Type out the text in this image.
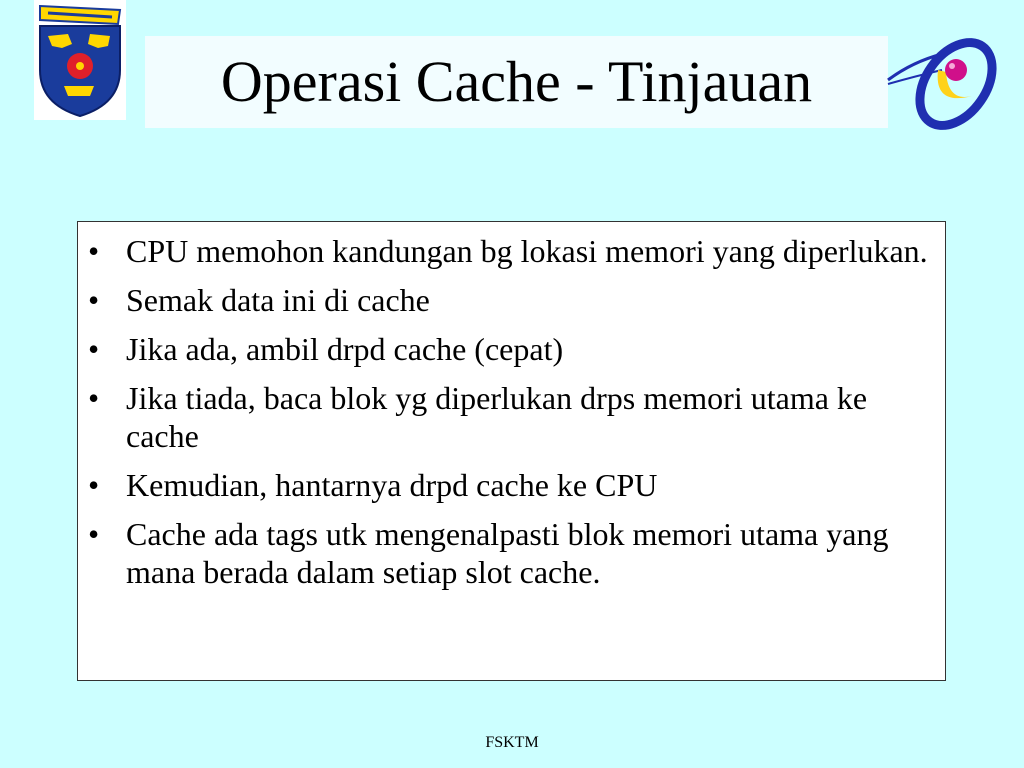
Operasi Cache - Tinjauan
• CPU memohon kandungan bg lokasi memori yang diperlukan.
• Semak data ini di cache
• Jika ada, ambil drpd cache (cepat)
• Jika tiada, baca blok yg diperlukan drps memori utama ke cache
• Kemudian, hantarnya drpd cache ke CPU
• Cache ada tags utk mengenalpasti blok memori utama yang mana berada dalam setiap slot cache.
FSKTM
